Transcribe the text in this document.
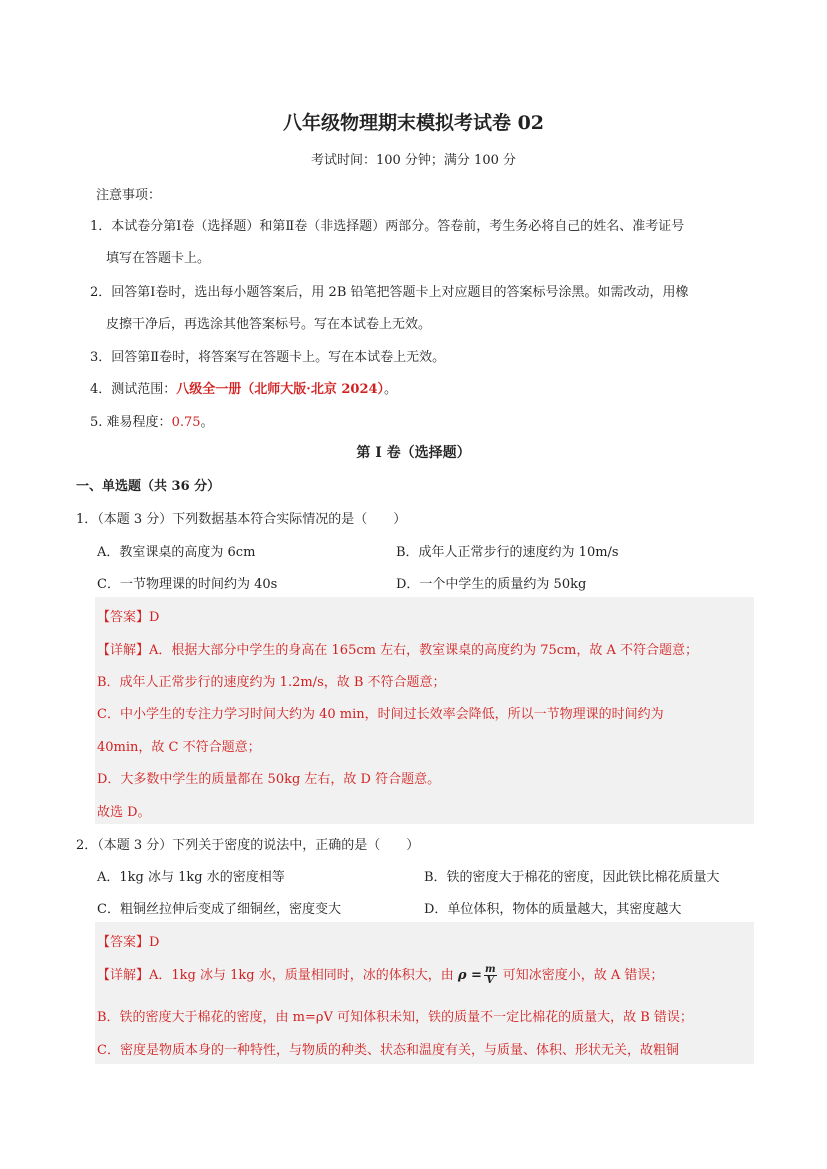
八年级物理期末模拟考试卷 02
考试时间：100 分钟；满分 100 分
注意事项：
1．本试卷分第Ⅰ卷（选择题）和第Ⅱ卷（非选择题）两部分。答卷前，考生务必将自己的姓名、准考证号
填写在答题卡上。
2．回答第Ⅰ卷时，选出每小题答案后，用 2B 铅笔把答题卡上对应题目的答案标号涂黑。如需改动，用橡
皮擦干净后，再选涂其他答案标号。写在本试卷上无效。
3．回答第Ⅱ卷时，将答案写在答题卡上。写在本试卷上无效。
4．测试范围：八级全一册（北师大版·北京 2024）。
5. 难易程度：0.75。
第 I 卷（选择题）
一、单选题（共 36 分）
1．（本题 3 分）下列数据基本符合实际情况的是（　　）
A．教室课桌的高度为 6cm	B．成年人正常步行的速度约为 10m/s
C．一节物理课的时间约为 40s	D．一个中学生的质量约为 50kg
【答案】D
【详解】A．根据大部分中学生的身高在 165cm 左右，教室课桌的高度约为 75cm，故 A 不符合题意；
B．成年人正常步行的速度约为 1.2m/s，故 B 不符合题意；
C．中小学生的专注力学习时间大约为 40 min，时间过长效率会降低，所以一节物理课的时间约为
40min，故 C 不符合题意；
D．大多数中学生的质量都在 50kg 左右，故 D 符合题意。
故选 D。
2．（本题 3 分）下列关于密度的说法中，正确的是（　　）
A．1kg 冰与 1kg 水的密度相等	B．铁的密度大于棉花的密度，因此铁比棉花质量大
C．粗铜丝拉伸后变成了细铜丝，密度变大	D．单位体积，物体的质量越大，其密度越大
【答案】D
【详解】A．1kg 冰与 1kg 水，质量相同时，冰的体积大，由 $\rho = \frac{m}{V}$ 可知冰密度小，故 A 错误；
B．铁的密度大于棉花的密度，由 m=ρV 可知体积未知，铁的质量不一定比棉花的质量大，故 B 错误；
C．密度是物质本身的一种特性，与物质的种类、状态和温度有关，与质量、体积、形状无关，故粗铜
